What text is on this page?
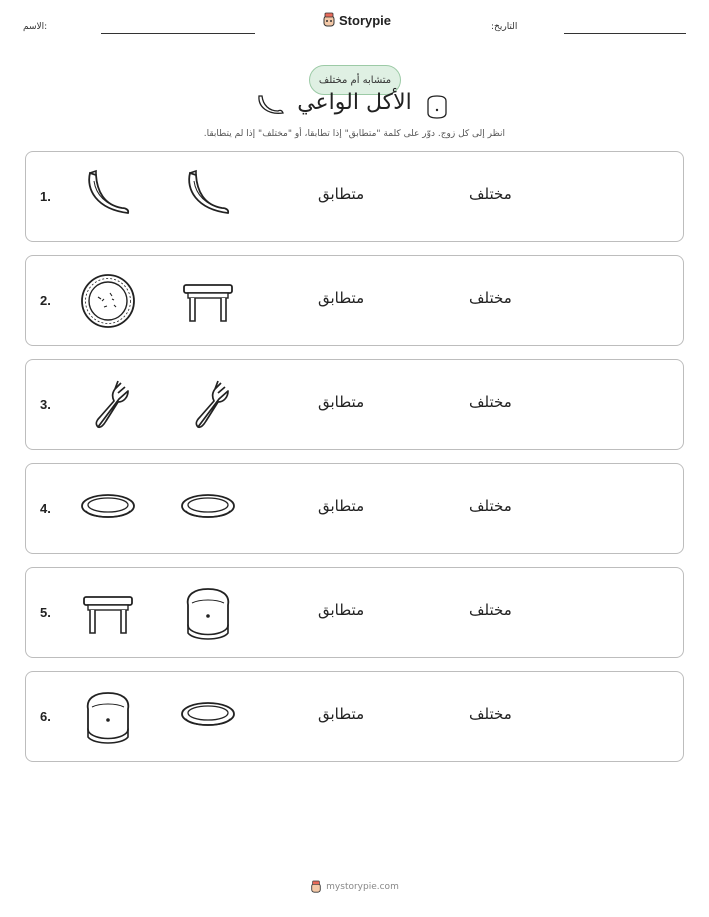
الاسم:	Storypie	التاريخ:
متشابه أم مختلف
الأكل الواعي
انظر إلى كل زوج. دوّر على كلمة "متطابق" إذا تطابقا، أو "مختلف" إذا لم يتطابقا.
1.	متطابق	مختلف
2.	متطابق	مختلف
3.	متطابق	مختلف
4.	متطابق	مختلف
5.	متطابق	مختلف
6.	متطابق	مختلف
mystorypie.com
